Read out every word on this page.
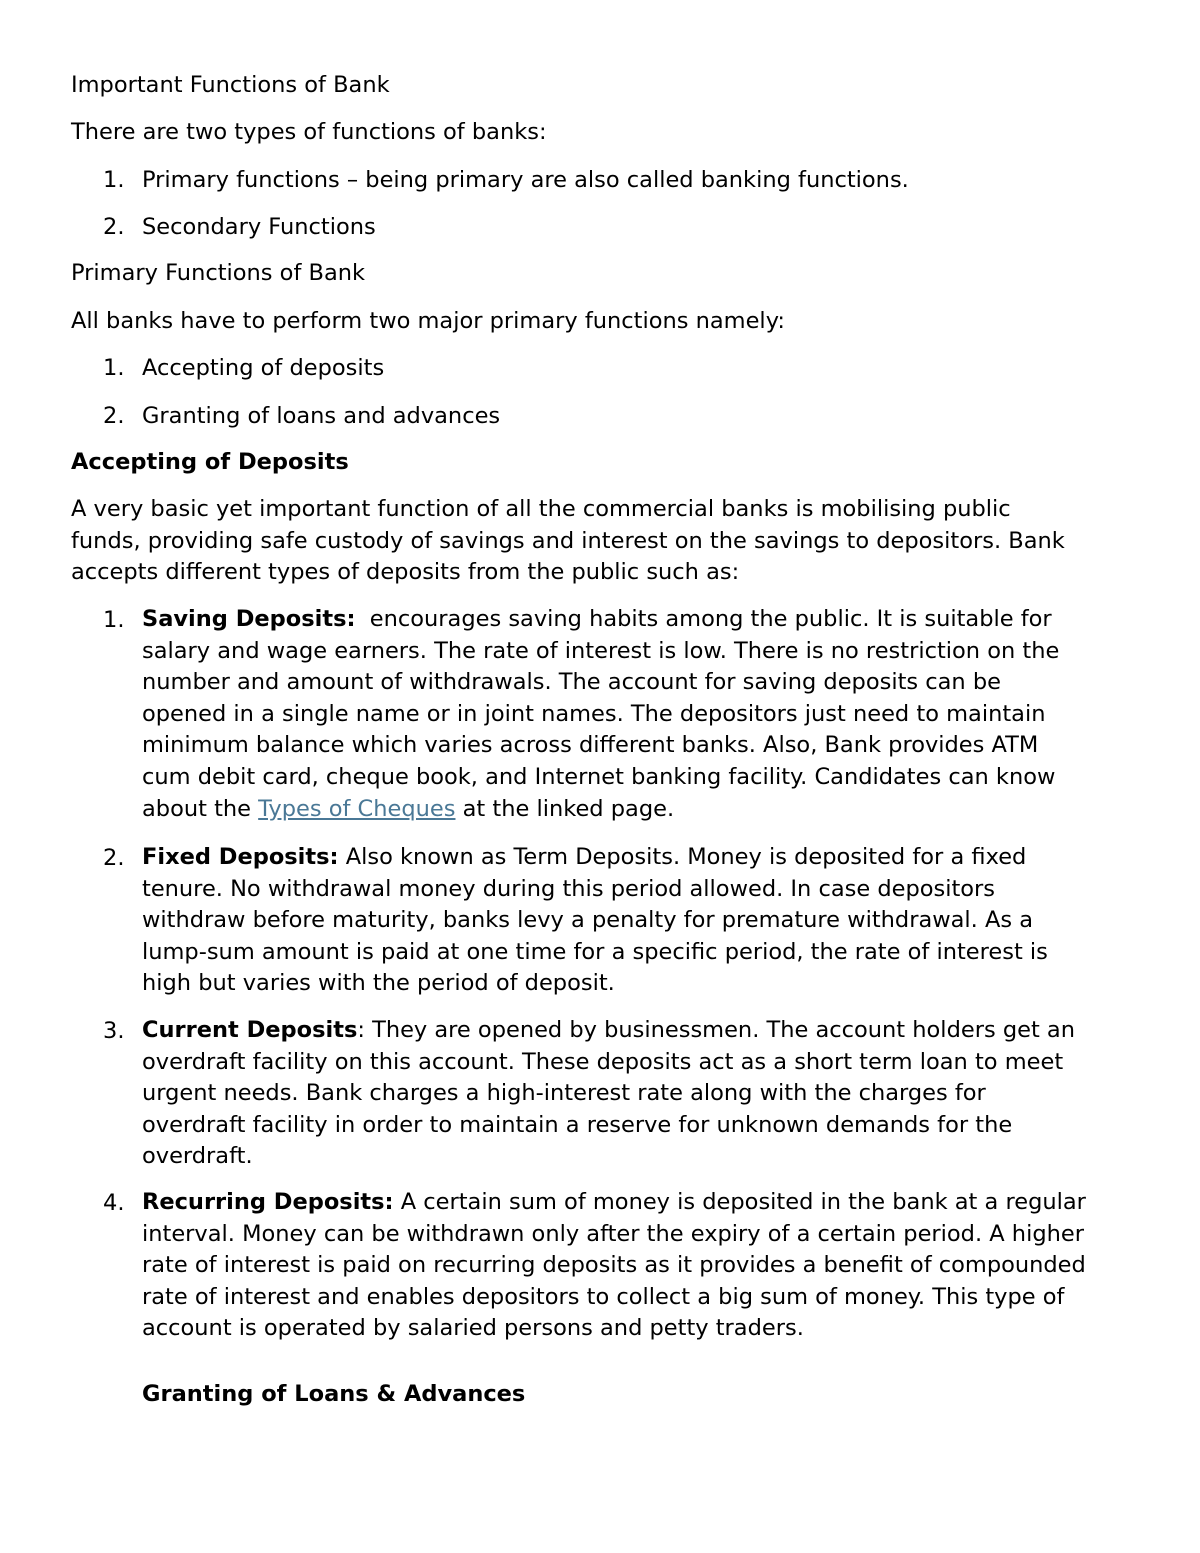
Important Functions of Bank

There are two types of functions of banks:

1. Primary functions – being primary are also called banking functions.

2. Secondary Functions

Primary Functions of Bank

All banks have to perform two major primary functions namely:

1. Accepting of deposits

2. Granting of loans and advances

Accepting of Deposits

A very basic yet important function of all the commercial banks is mobilising public
funds, providing safe custody of savings and interest on the savings to depositors. Bank
accepts different types of deposits from the public such as:

1. Saving Deposits:  encourages saving habits among the public. It is suitable for
salary and wage earners. The rate of interest is low. There is no restriction on the
number and amount of withdrawals. The account for saving deposits can be
opened in a single name or in joint names. The depositors just need to maintain
minimum balance which varies across different banks. Also, Bank provides ATM
cum debit card, cheque book, and Internet banking facility. Candidates can know
about the Types of Cheques at the linked page.

2. Fixed Deposits: Also known as Term Deposits. Money is deposited for a fixed
tenure. No withdrawal money during this period allowed. In case depositors
withdraw before maturity, banks levy a penalty for premature withdrawal. As a
lump-sum amount is paid at one time for a specific period, the rate of interest is
high but varies with the period of deposit.

3. Current Deposits: They are opened by businessmen. The account holders get an
overdraft facility on this account. These deposits act as a short term loan to meet
urgent needs. Bank charges a high-interest rate along with the charges for
overdraft facility in order to maintain a reserve for unknown demands for the
overdraft.

4. Recurring Deposits: A certain sum of money is deposited in the bank at a regular
interval. Money can be withdrawn only after the expiry of a certain period. A higher
rate of interest is paid on recurring deposits as it provides a benefit of compounded
rate of interest and enables depositors to collect a big sum of money. This type of
account is operated by salaried persons and petty traders.

Granting of Loans & Advances
